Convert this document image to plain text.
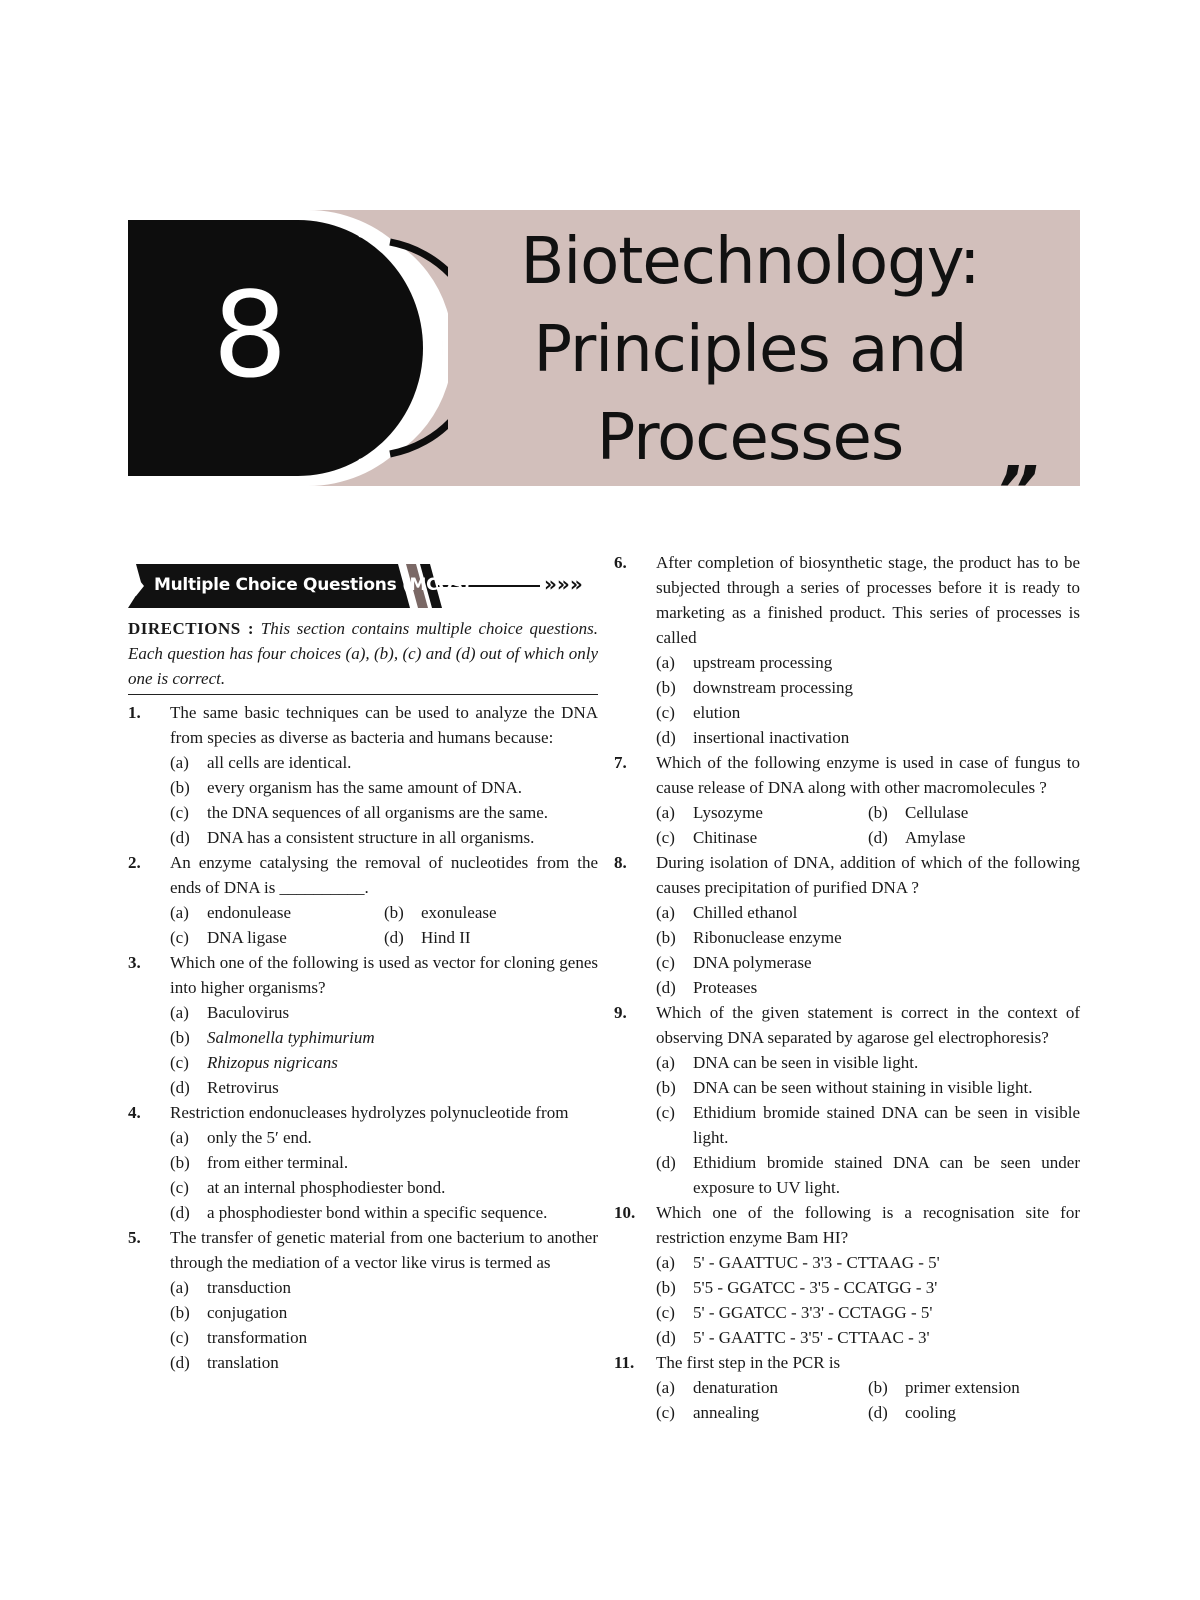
8
Biotechnology:
Principles and
Processes
”
Multiple Choice Questions (MCQs)	»»»
DIRECTIONS : This section contains multiple choice questions. Each question has four choices (a), (b), (c) and (d) out of which only one is correct.
1. The same basic techniques can be used to analyze the DNA from species as diverse as bacteria and humans because:
(a)	all cells are identical.
(b)	every organism has the same amount of DNA.
(c)	the DNA sequences of all organisms are the same.
(d)	DNA has a consistent structure in all organisms.
2. An enzyme catalysing the removal of nucleotides from the ends of DNA is __________.
(a)	endonulease	(b)	exonulease
(c)	DNA ligase	(d)	Hind II
3. Which one of the following is used as vector for cloning genes into higher organisms?
(a)	Baculovirus
(b)	Salmonella typhimurium
(c)	Rhizopus nigricans
(d)	Retrovirus
4. Restriction endonucleases hydrolyzes polynucleotide from
(a)	only the 5′ end.
(b)	from either terminal.
(c)	at an internal phosphodiester bond.
(d)	a phosphodiester bond within a specific sequence.
5. The transfer of genetic material from one bacterium to another through the mediation of a vector like virus is termed as
(a)	transduction
(b)	conjugation
(c)	transformation
(d)	translation
6. After completion of biosynthetic stage, the product has to be subjected through a series of processes before it is ready to marketing as a finished product. This series of processes is called
(a)	upstream processing
(b)	downstream processing
(c)	elution
(d)	insertional inactivation
7. Which of the following enzyme is used in case of fungus to cause release of DNA along with other macromolecules ?
(a)	Lysozyme	(b)	Cellulase
(c)	Chitinase	(d)	Amylase
8. During isolation of DNA, addition of which of the following causes precipitation of purified DNA ?
(a)	Chilled ethanol
(b)	Ribonuclease enzyme
(c)	DNA polymerase
(d)	Proteases
9. Which of the given statement is correct in the context of observing DNA separated by agarose gel electrophoresis?
(a)	DNA can be seen in visible light.
(b)	DNA can be seen without staining in visible light.
(c)	Ethidium bromide stained DNA can be seen in visible light.
(d)	Ethidium bromide stained DNA can be seen under exposure to UV light.
10. Which one of the following is a recognisation site for restriction enzyme Bam HI?
(a)	5' - GAATTUC - 3'3 - CTTAAG - 5'
(b)	5'5 - GGATCC - 3'5 - CCATGG - 3'
(c)	5' - GGATCC - 3'3' - CCTAGG - 5'
(d)	5' - GAATTC - 3'5' - CTTAAC - 3'
11. The first step in the PCR is
(a)	denaturation	(b)	primer extension
(c)	annealing	(d)	cooling
